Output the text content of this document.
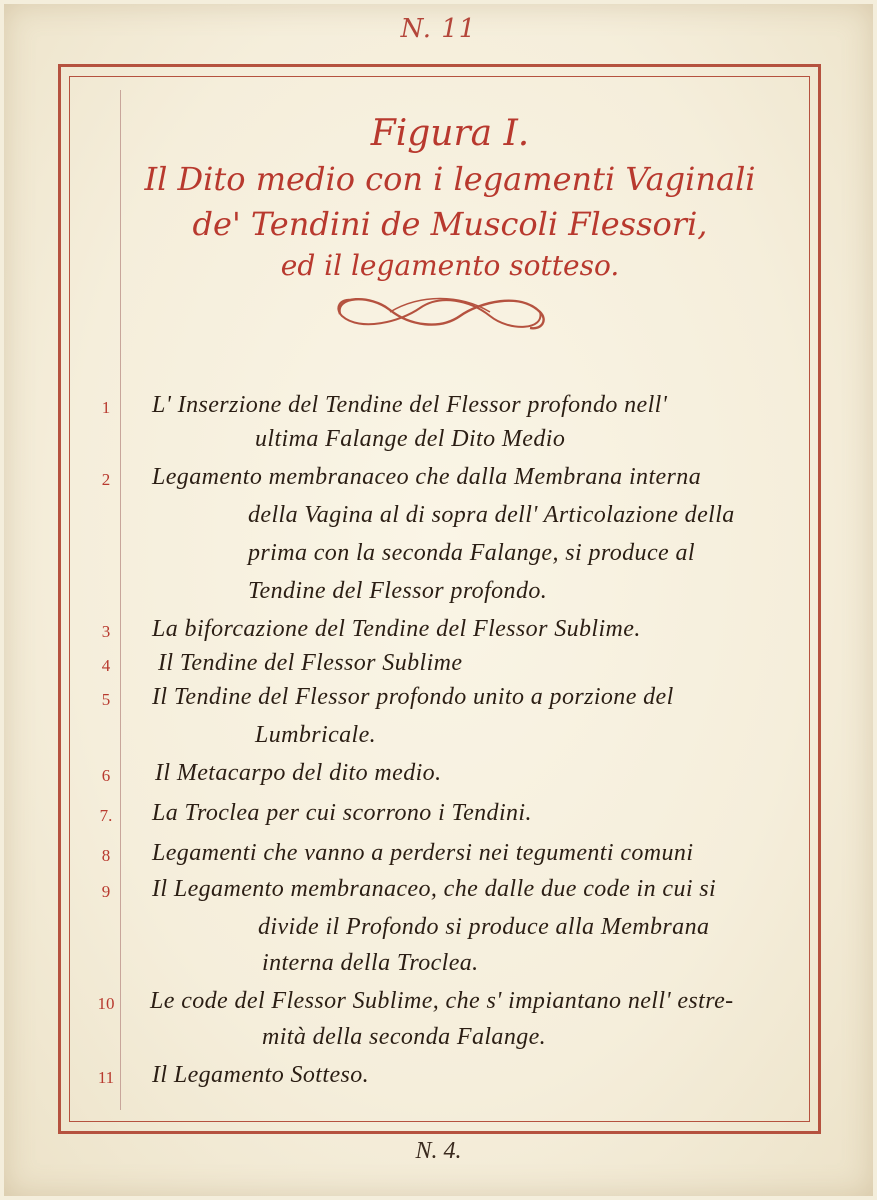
N. 11
Figura I.
Il Dito medio con i legamenti Vaginali
de' Tendini de Muscoli Flessori,
ed il legamento sotteso.
1	L' Inserzione del Tendine del Flessor profondo nell'
ultima Falange del Dito Medio
2	Legamento membranaceo che dalla Membrana interna
della Vagina al di sopra dell' Articolazione della
prima con la seconda Falange, si produce al
Tendine del Flessor profondo.
3	La biforcazione del Tendine del Flessor Sublime.
4	Il Tendine del Flessor Sublime
5	Il Tendine del Flessor profondo unito a porzione del
Lumbricale.
6	Il Metacarpo del dito medio.
7.	La Troclea per cui scorrono i Tendini.
8	Legamenti che vanno a perdersi nei tegumenti comuni
9	Il Legamento membranaceo, che dalle due code in cui si
divide il Profondo si produce alla Membrana
interna della Troclea.
10	Le code del Flessor Sublime, che s' impiantano nell' estre-
mità della seconda Falange.
11	Il Legamento Sotteso.
N. 4.
